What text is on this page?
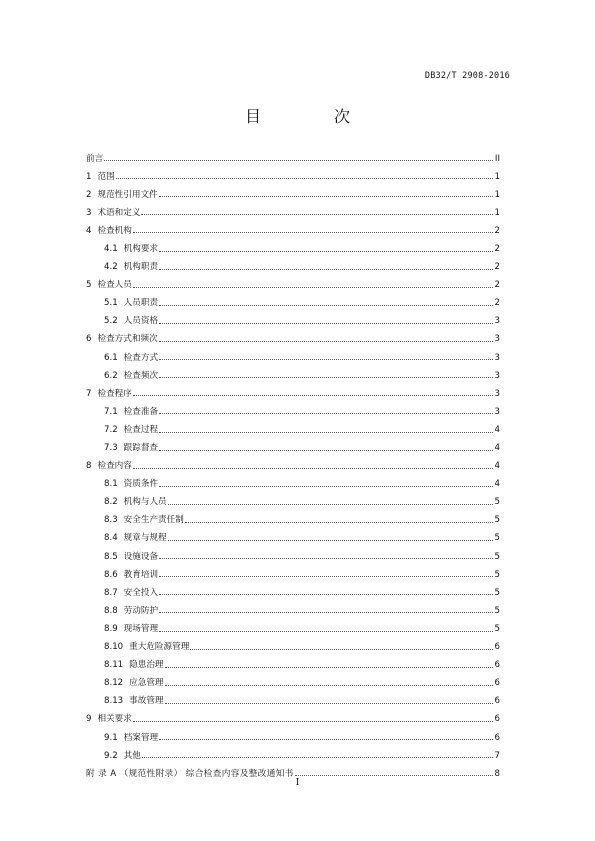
DB32/T 2908-2016
目 次
前言	II
1 范围	1
2 规范性引用文件	1
3 术语和定义	1
4 检查机构	2
4.1 机构要求	2
4.2 机构职责	2
5 检查人员	2
5.1 人员职责	2
5.2 人员资格	3
6 检查方式和频次	3
6.1 检查方式	3
6.2 检查频次	3
7 检查程序	3
7.1 检查准备	3
7.2 检查过程	4
7.3 跟踪督查	4
8 检查内容	4
8.1 资质条件	4
8.2 机构与人员	5
8.3 安全生产责任制	5
8.4 规章与规程	5
8.5 设施设备	5
8.6 教育培训	5
8.7 安全投入	5
8.8 劳动防护	5
8.9 现场管理	5
8.10 重大危险源管理	6
8.11 隐患治理	6
8.12 应急管理	6
8.13 事故管理	6
9 相关要求	6
9.1 档案管理	6
9.2 其他	7
附 录 A （规范性附录） 综合检查内容及整改通知书	8
I
